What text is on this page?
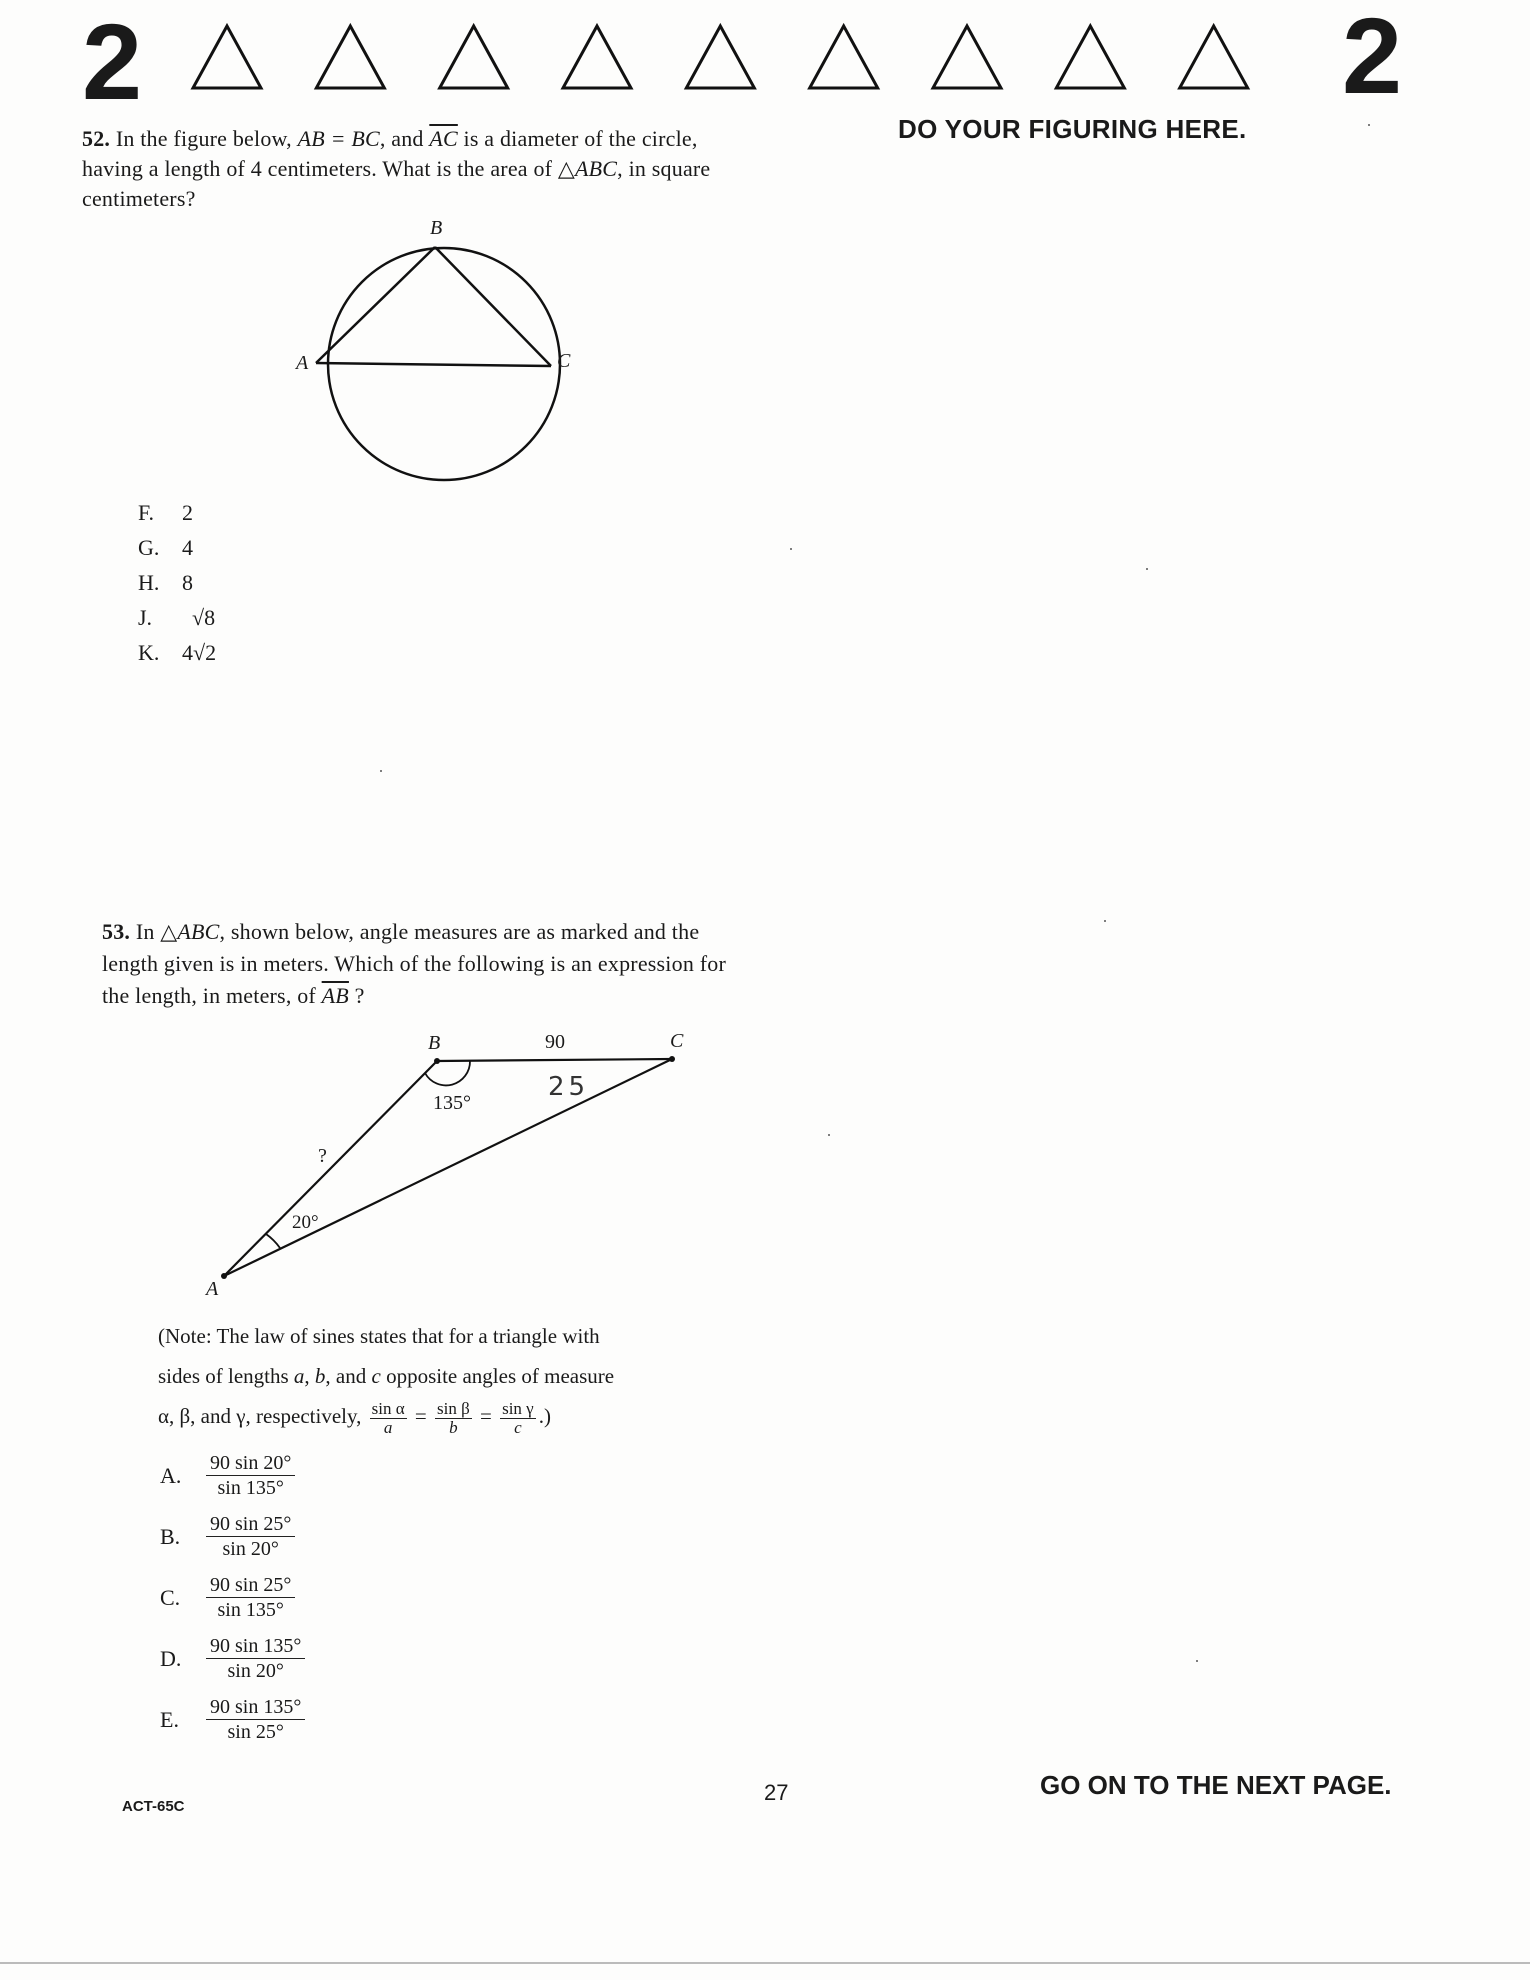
2	2
DO YOUR FIGURING HERE.
52. In the figure below, AB = BC, and $\overline{AC}$ is a diameter of the circle, having a length of 4 centimeters. What is the area of △ABC, in square centimeters?
B
A	C
F. 2
G. 4
H. 8
J. √8
K. 4√2
53. In △ABC, shown below, angle measures are as marked and the length given is in meters. Which of the following is an expression for the length, in meters, of $\overline{AB}$ ?
B	C
A
90
135°
20°
?
25
(Note: The law of sines states that for a triangle with
sides of lengths a, b, and c opposite angles of measure
α, β, and γ, respectively, $\frac{\text{sin α}}{a} = \frac{\text{sin β}}{b} = \frac{\text{sin γ}}{c}$ .)
A. $\frac{90 \sin 20^\circ}{\sin 135^\circ}$
B. $\frac{90 \sin 25^\circ}{\sin 20^\circ}$
C. $\frac{90 \sin 25^\circ}{\sin 135^\circ}$
D. $\frac{90 \sin 135^\circ}{\sin 20^\circ}$
E. $\frac{90 \sin 135^\circ}{\sin 25^\circ}$
ACT-65C
27	GO ON TO THE NEXT PAGE.
